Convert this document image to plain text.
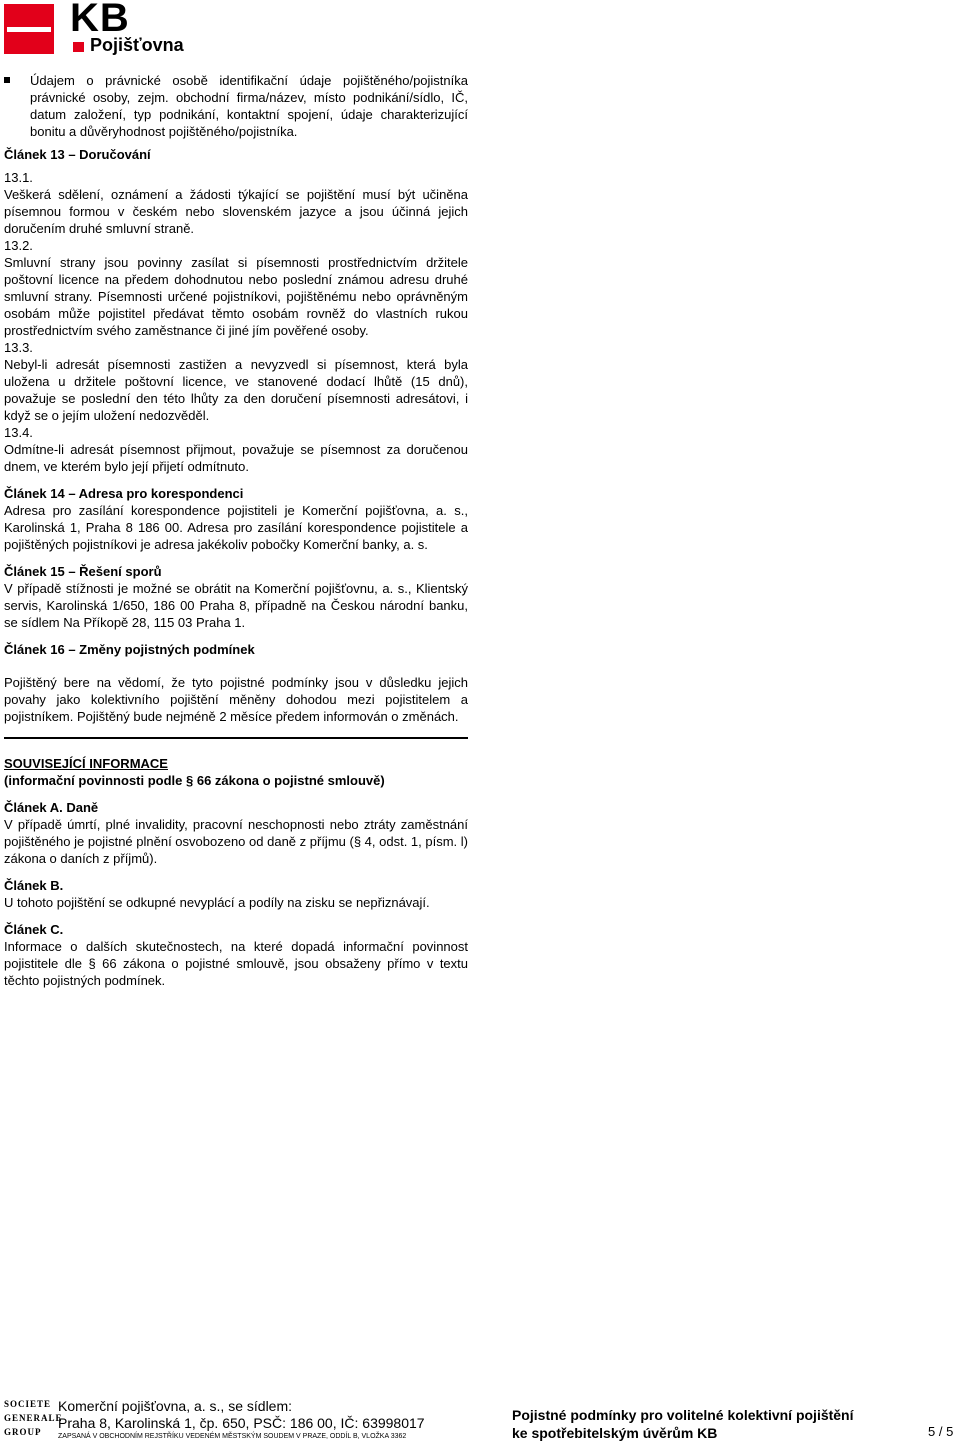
KB
Pojišťovna
Údajem o právnické osobě identifikační údaje pojištěného/pojistníka právnické osoby, zejm. obchodní firma/název, místo podnikání/sídlo, IČ, datum založení, typ podnikání, kontaktní spojení, údaje charakterizující bonitu a důvěryhodnost pojištěného/pojistníka.
Článek 13 – Doručování

13.1.

Veškerá sdělení, oznámení a žádosti týkající se pojištění musí být učiněna písemnou formou v českém nebo slovenském jazyce a jsou účinná jejich doručením druhé smluvní straně.

13.2.

Smluvní strany jsou povinny zasílat si písemnosti prostřednictvím držitele poštovní licence na předem dohodnutou nebo poslední známou adresu druhé smluvní strany. Písemnosti určené pojistníkovi, pojištěnému nebo oprávněným osobám může pojistitel předávat těmto osobám rovněž do vlastních rukou prostřednictvím svého zaměstnance či jiné jím pověřené osoby.

13.3.

Nebyl-li adresát písemnosti zastižen a nevyzvedl si písemnost, která byla uložena u držitele poštovní licence, ve stanovené dodací lhůtě (15 dnů), považuje se poslední den této lhůty za den doručení písemnosti adresátovi, i když se o jejím uložení nedozvěděl.

13.4.

Odmítne-li adresát písemnost přijmout, považuje se písemnost za doručenou dnem, ve kterém bylo její přijetí odmítnuto.

Článek 14 – Adresa pro korespondenci

Adresa pro zasílání korespondence pojistiteli je Komerční pojišťovna, a. s., Karolinská 1, Praha 8 186 00. Adresa pro zasílání korespondence pojistitele a pojištěných pojistníkovi je adresa jakékoliv pobočky Komerční banky, a. s.

Článek 15 – Řešení sporů

V případě stížnosti je možné se obrátit na Komerční pojišťovnu, a. s., Klientský servis, Karolinská 1/650, 186 00 Praha 8, případně na Českou národní banku, se sídlem Na Příkopě 28, 115 03 Praha 1.

Článek 16 – Změny pojistných podmínek

Pojištěný bere na vědomí, že tyto pojistné podmínky jsou v důsledku jejich povahy jako kolektivního pojištění měněny dohodou mezi pojistitelem a pojistníkem. Pojištěný bude nejméně 2 měsíce předem informován o změnách.

SOUVISEJÍCÍ INFORMACE
(informační povinnosti podle § 66 zákona o pojistné smlouvě)
Článek A. Daně

V případě úmrtí, plné invalidity, pracovní neschopnosti nebo ztráty zaměstnání pojištěného je pojistné plnění osvobozeno od daně z příjmu (§ 4, odst. 1, písm. l) zákona o daních z příjmů).

Článek B.

U tohoto pojištění se odkupné nevyplácí a podíly na zisku se nepřiznávají.

Článek C.

Informace o dalších skutečnostech, na které dopadá informační povinnost pojistitele dle § 66 zákona o pojistné smlouvě, jsou obsaženy přímo v textu těchto pojistných podmínek.

SOCIETE
GENERALE
GROUP
Komerční pojišťovna, a. s., se sídlem:
Praha 8, Karolinská 1, čp. 650, PSČ: 186 00, IČ: 63998017
ZAPSANÁ V OBCHODNÍM REJSTŘÍKU VEDENÉM MĚSTSKÝM SOUDEM V PRAZE, ODDÍL B, VLOŽKA 3362
Pojistné podmínky pro volitelné kolektivní pojištění
ke spotřebitelským úvěrům KB	5 / 5
